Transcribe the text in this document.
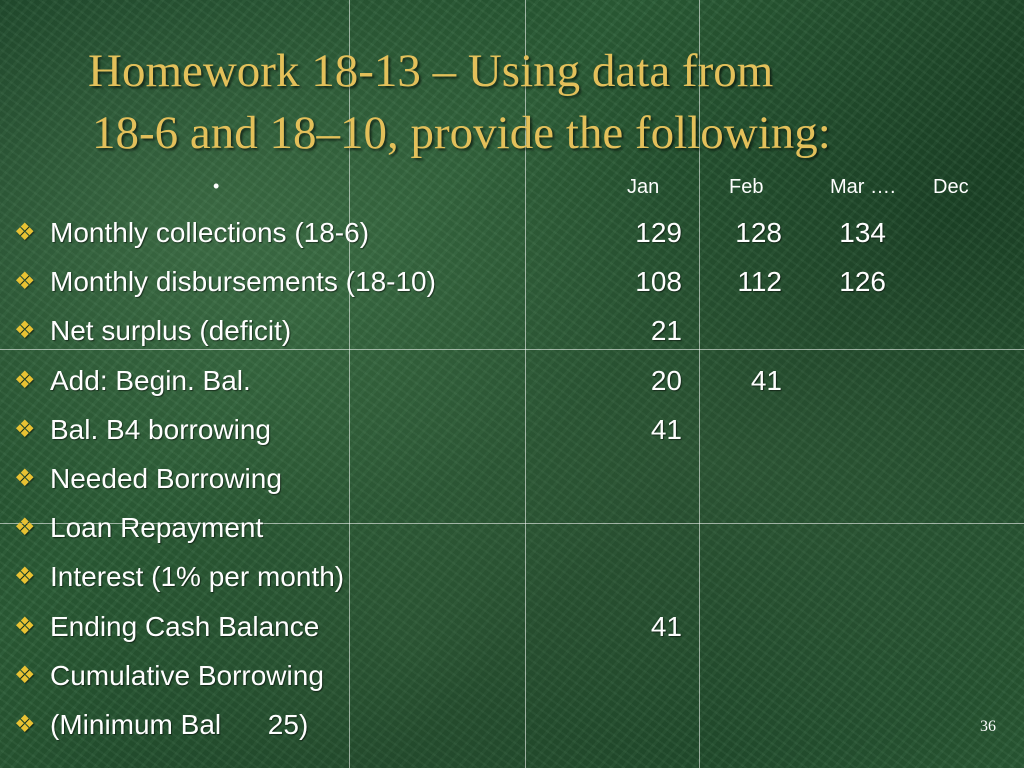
Homework 18-13 – Using data from
18-6 and 18–10, provide the following:
•	Jan	Feb	Mar …. Dec
❖ Monthly collections (18-6)	129	128	134
❖ Monthly disbursements (18-10)	108	112	126
❖ Net surplus (deficit)	21
❖ Add: Begin. Bal.	20	41
❖ Bal. B4 borrowing	41
❖ Needed Borrowing
❖ Loan Repayment
❖ Interest (1% per month)
❖ Ending Cash Balance	41
❖ Cumulative Borrowing
❖ (Minimum Bal      25)	36
